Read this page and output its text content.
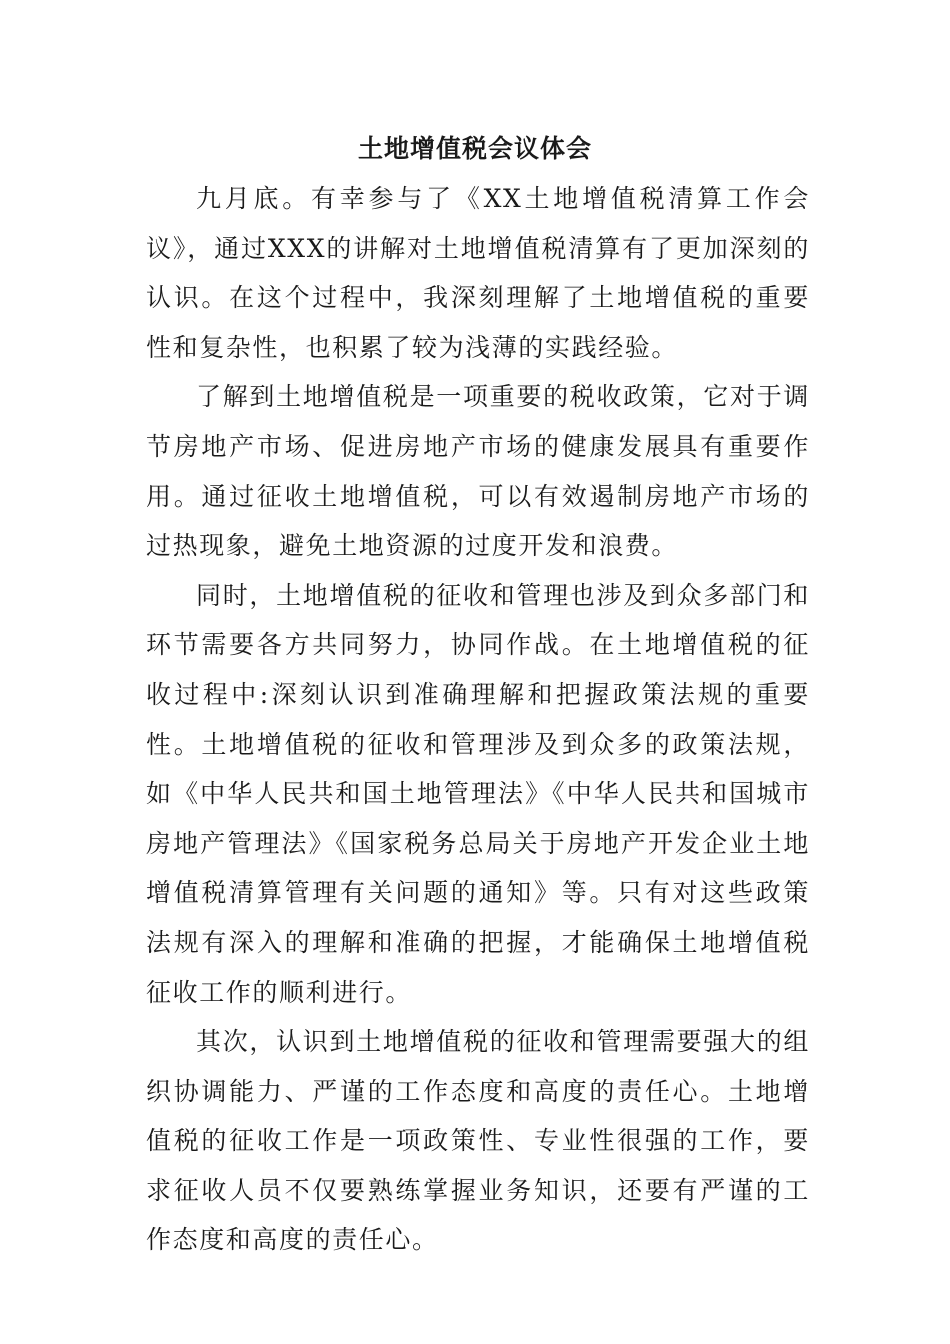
土地增值税会议体会

九月底。有幸参与了《XX土地增值税清算工作会议》，通过XXX的讲解对土地增值税清算有了更加深刻的认识。在这个过程中，我深刻理解了土地增值税的重要性和复杂性，也积累了较为浅薄的实践经验。

了解到土地增值税是一项重要的税收政策，它对于调节房地产市场、促进房地产市场的健康发展具有重要作用。通过征收土地增值税，可以有效遏制房地产市场的过热现象，避免土地资源的过度开发和浪费。

同时，土地增值税的征收和管理也涉及到众多部门和环节需要各方共同努力，协同作战。在土地增值税的征收过程中:深刻认识到准确理解和把握政策法规的重要性。土地增值税的征收和管理涉及到众多的政策法规，如《中华人民共和国土地管理法》《中华人民共和国城市房地产管理法》《国家税务总局关于房地产开发企业土地增值税清算管理有关问题的通知》等。只有对这些政策法规有深入的理解和准确的把握，才能确保土地增值税征收工作的顺利进行。

其次，认识到土地增值税的征收和管理需要强大的组织协调能力、严谨的工作态度和高度的责任心。土地增值税的征收工作是一项政策性、专业性很强的工作，要求征收人员不仅要熟练掌握业务知识，还要有严谨的工作态度和高度的责任心。
